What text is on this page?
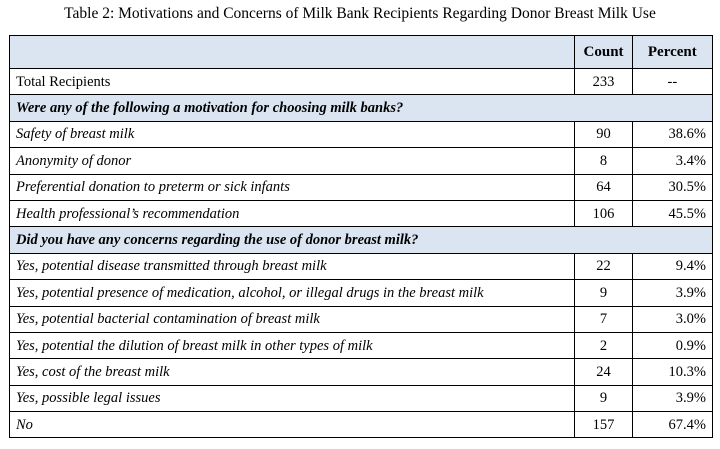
Table 2: Motivations and Concerns of Milk Bank Recipients Regarding Donor Breast Milk Use
	Count	Percent
Total Recipients	233	--
Were any of the following a motivation for choosing milk banks?		
Safety of breast milk	90	38.6%
Anonymity of donor	8	3.4%
Preferential donation to preterm or sick infants	64	30.5%
Health professional’s recommendation	106	45.5%
Did you have any concerns regarding the use of donor breast milk?		
Yes, potential disease transmitted through breast milk	22	9.4%
Yes, potential presence of medication, alcohol, or illegal drugs in the breast milk	9	3.9%
Yes, potential bacterial contamination of breast milk	7	3.0%
Yes, potential the dilution of breast milk in other types of milk	2	0.9%
Yes, cost of the breast milk	24	10.3%
Yes, possible legal issues	9	3.9%
No	157	67.4%
